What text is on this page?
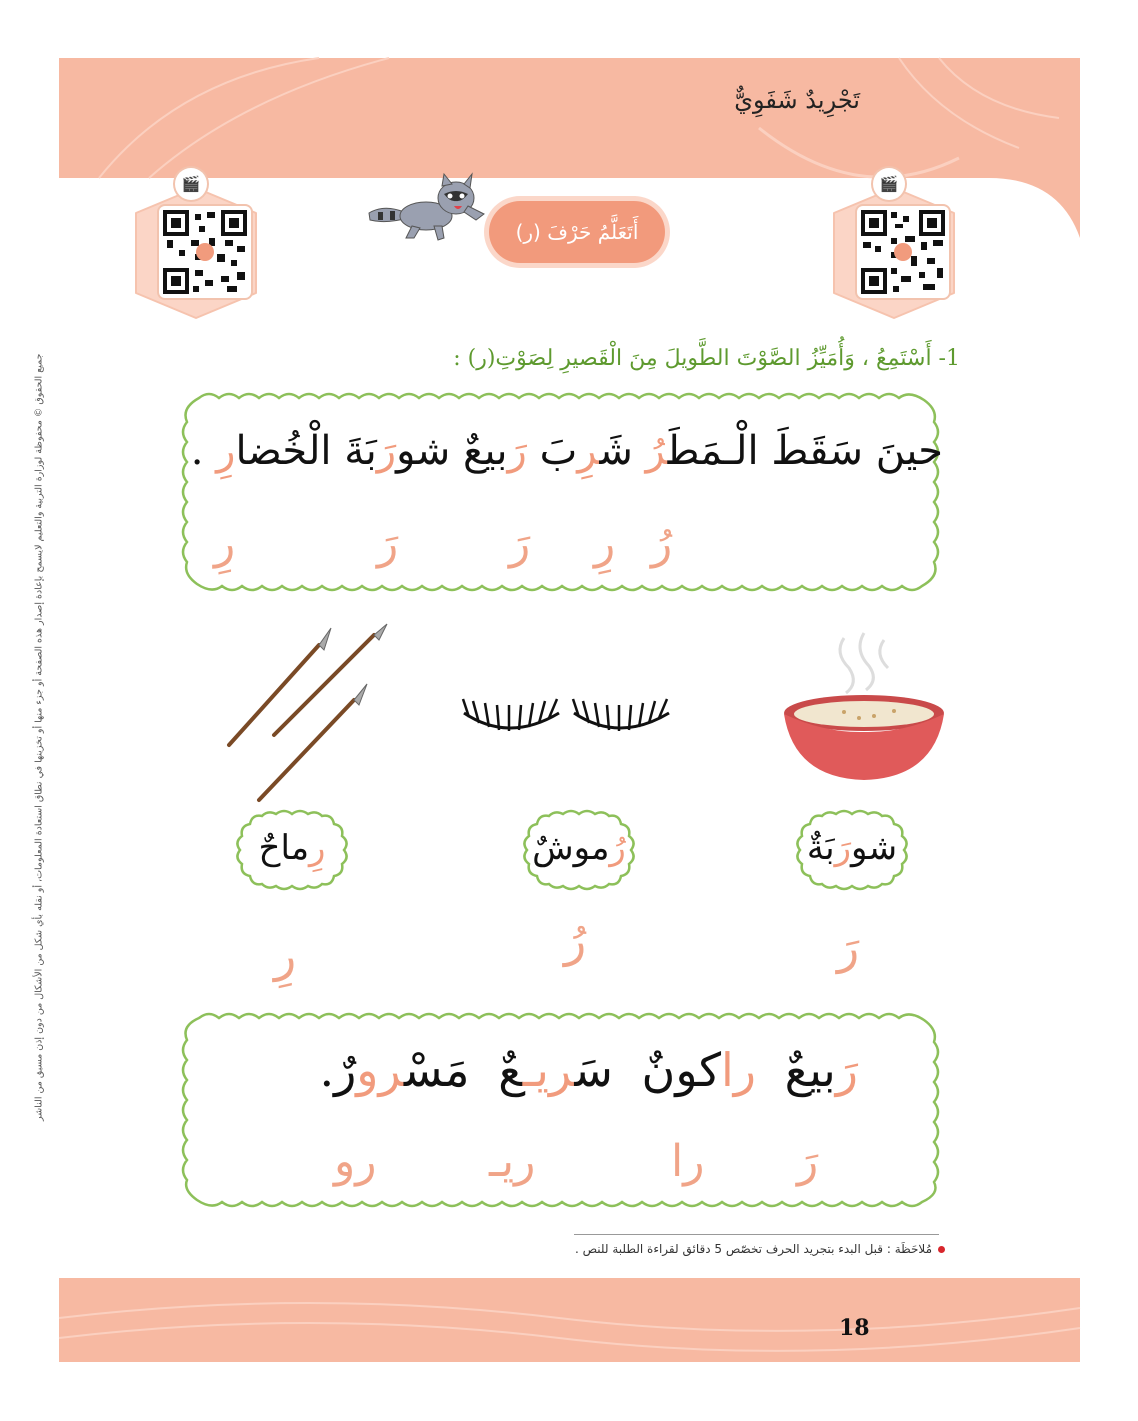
تَجْرِيدٌ شَفَوِيٌّ
🎬
🎬
أَتَعَلَّمُ حَرْفَ (ر)
جميع الحقوق © محفوظة لوزارة التربية والتعليم لايسمح بإعادة إصدار هذه الصفحة أو جزء منها أو تخزينها في نطاق استعادة المعلومات، أو نقله بأي شكل من الأشكال من دون إذن مسبق من الناشر	1- أَسْتَمِعُ ، وَأُمَيِّزُ الصَّوْتَ الطَّويلَ مِنَ الْقَصيرِ لِصَوْتِ(ر) :
حينَ سَقَطَ الْـمَطَرُ شَرِبَ رَبيعٌ شورَبَةَ الْخُضارِ .
رُ
رِ
رَ
رَ
رِ
رِماحٌ	رُموشٌ	شورَبَةٌ
رِ	رُ	رَ
رَبيعٌ راكونٌ سَريـعٌ مَسْرورٌ.
رَ
را
ريـ
رو
مُلاحَظَة : قبل البدء بتجريد الحرف تخصّص 5 دقائق لقراءة الطلبة للنص .
18
